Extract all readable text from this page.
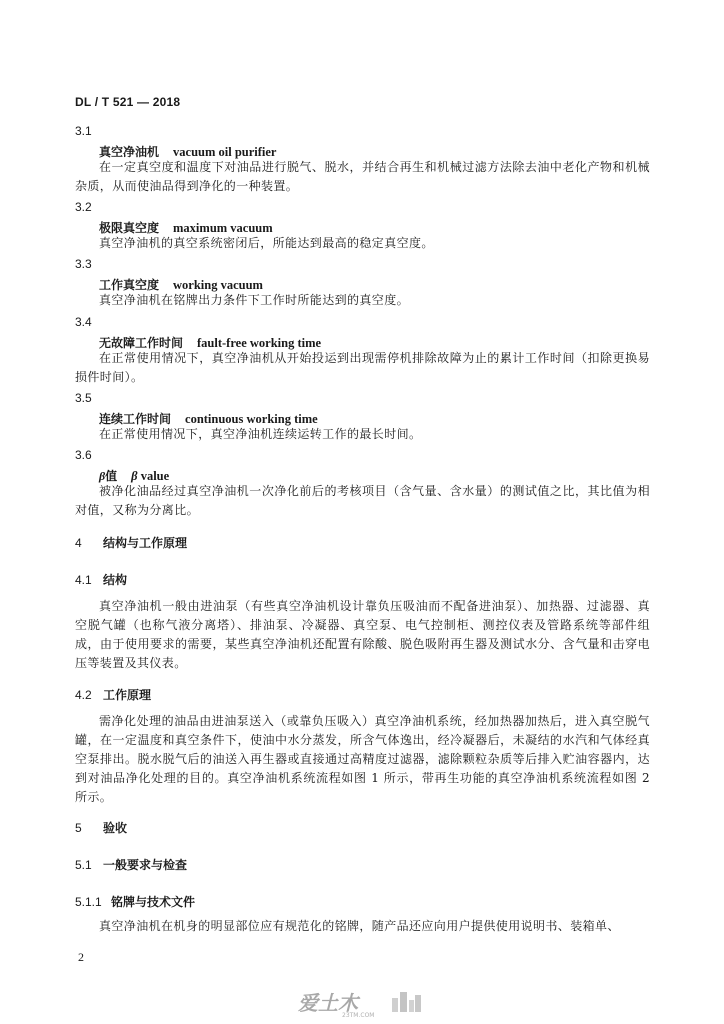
DL / T 521 — 2018
3.1
真空净油机 vacuum oil purifier
在一定真空度和温度下对油品进行脱气、脱水，并结合再生和机械过滤方法除去油中老化产物和机械杂质，从而使油品得到净化的一种装置。
3.2
极限真空度 maximum vacuum
真空净油机的真空系统密闭后，所能达到最高的稳定真空度。
3.3
工作真空度 working vacuum
真空净油机在铭牌出力条件下工作时所能达到的真空度。
3.4
无故障工作时间 fault-free working time
在正常使用情况下，真空净油机从开始投运到出现需停机排除故障为止的累计工作时间（扣除更换易损件时间）。
3.5
连续工作时间 continuous working time
在正常使用情况下，真空净油机连续运转工作的最长时间。
3.6
β值 β value
被净化油品经过真空净油机一次净化前后的考核项目（含气量、含水量）的测试值之比，其比值为相对值，又称为分离比。
4 结构与工作原理
4.1 结构
真空净油机一般由进油泵（有些真空净油机设计靠负压吸油而不配备进油泵）、加热器、过滤器、真空脱气罐（也称气液分离塔）、排油泵、冷凝器、真空泵、电气控制柜、测控仪表及管路系统等部件组成，由于使用要求的需要，某些真空净油机还配置有除酸、脱色吸附再生器及测试水分、含气量和击穿电压等装置及其仪表。
4.2 工作原理
需净化处理的油品由进油泵送入（或靠负压吸入）真空净油机系统，经加热器加热后，进入真空脱气罐，在一定温度和真空条件下，使油中水分蒸发，所含气体逸出，经冷凝器后，未凝结的水汽和气体经真空泵排出。脱水脱气后的油送入再生器或直接通过高精度过滤器，滤除颗粒杂质等后排入贮油容器内，达到对油品净化处理的目的。真空净油机系统流程如图 1 所示，带再生功能的真空净油机系统流程如图 2 所示。
5 验收
5.1 一般要求与检查
5.1.1 铭牌与技术文件
真空净油机在机身的明显部位应有规范化的铭牌，随产品还应向用户提供使用说明书、装箱单、
2
爱土木
23TM.COM
